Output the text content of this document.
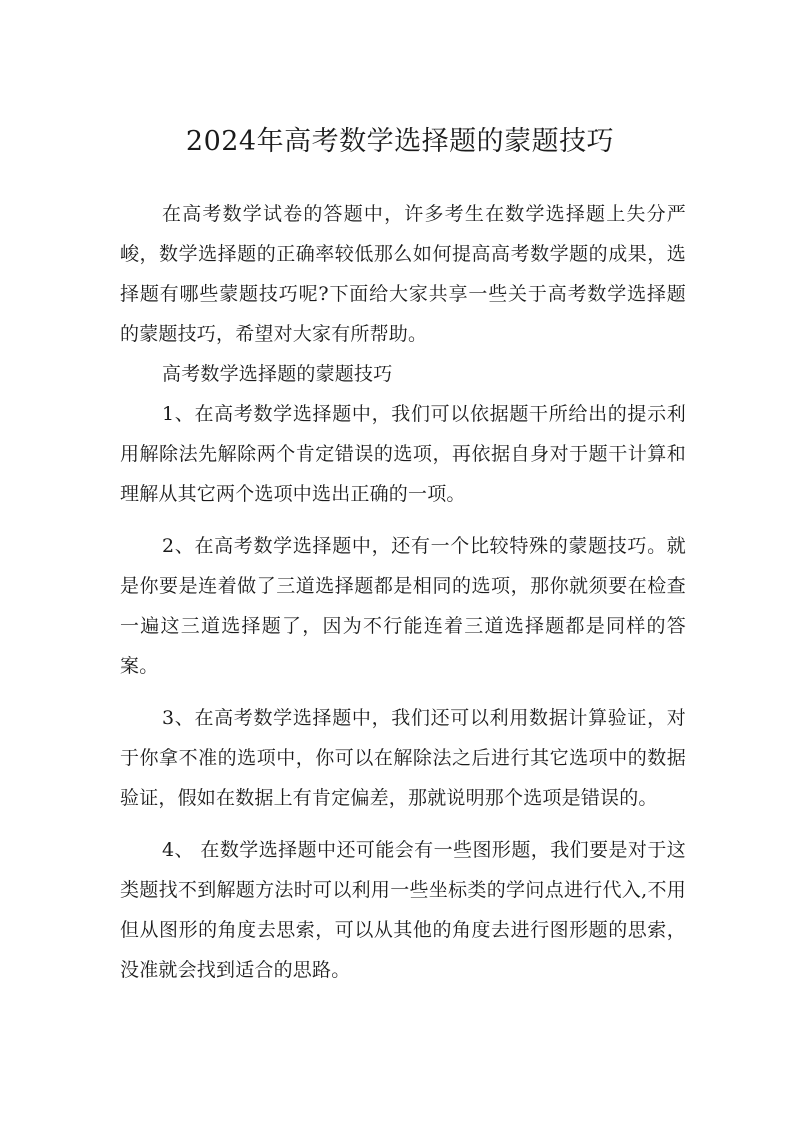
2024年高考数学选择题的蒙题技巧

在高考数学试卷的答题中，许多考生在数学选择题上失分严峻，数学选择题的正确率较低那么如何提高高考数学题的成果，选择题有哪些蒙题技巧呢?下面给大家共享一些关于高考数学选择题的蒙题技巧，希望对大家有所帮助。

高考数学选择题的蒙题技巧

1、在高考数学选择题中，我们可以依据题干所给出的提示利用解除法先解除两个肯定错误的选项，再依据自身对于题干计算和理解从其它两个选项中选出正确的一项。

2、在高考数学选择题中，还有一个比较特殊的蒙题技巧。就是你要是连着做了三道选择题都是相同的选项，那你就须要在检查一遍这三道选择题了，因为不行能连着三道选择题都是同样的答案。

3、在高考数学选择题中，我们还可以利用数据计算验证，对于你拿不准的选项中，你可以在解除法之后进行其它选项中的数据验证，假如在数据上有肯定偏差，那就说明那个选项是错误的。

4、 在数学选择题中还可能会有一些图形题，我们要是对于这类题找不到解题方法时可以利用一些坐标类的学问点进行代入,不用但从图形的角度去思索，可以从其他的角度去进行图形题的思索，没准就会找到适合的思路。
